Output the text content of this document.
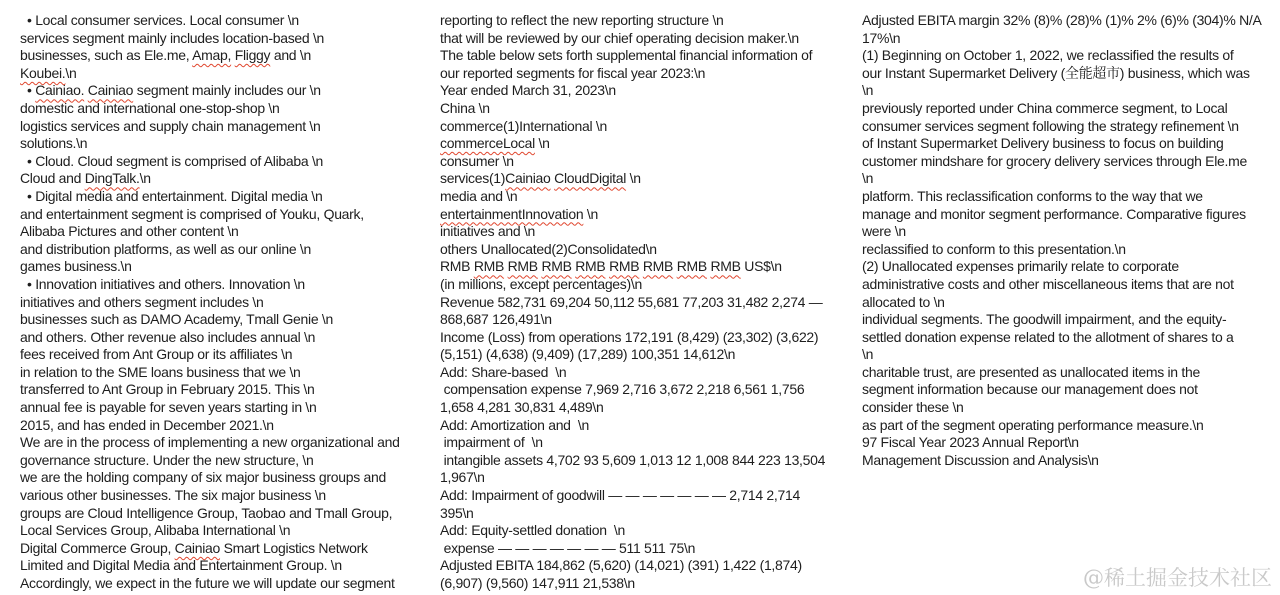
• Local consumer services. Local consumer \n
services segment mainly includes location-based \n
businesses, such as Ele.me, Amap, Fliggy and \n
Koubei.\n
• Cainiao. Cainiao segment mainly includes our \n
domestic and international one-stop-shop \n
logistics services and supply chain management \n
solutions.\n
• Cloud. Cloud segment is comprised of Alibaba \n
Cloud and DingTalk.\n
• Digital media and entertainment. Digital media \n
and entertainment segment is comprised of Youku, Quark,
Alibaba Pictures and other content \n
and distribution platforms, as well as our online \n
games business.\n
• Innovation initiatives and others. Innovation \n
initiatives and others segment includes \n
businesses such as DAMO Academy, Tmall Genie \n
and others. Other revenue also includes annual \n
fees received from Ant Group or its affiliates \n
in relation to the SME loans business that we \n
transferred to Ant Group in February 2015. This \n
annual fee is payable for seven years starting in \n
2015, and has ended in December 2021.\n
We are in the process of implementing a new organizational and
governance structure. Under the new structure, \n
we are the holding company of six major business groups and
various other businesses. The six major business \n
groups are Cloud Intelligence Group, Taobao and Tmall Group,
Local Services Group, Alibaba International \n
Digital Commerce Group, Cainiao Smart Logistics Network
Limited and Digital Media and Entertainment Group. \n
Accordingly, we expect in the future we will update our segment
reporting to reflect the new reporting structure \n
that will be reviewed by our chief operating decision maker.\n
The table below sets forth supplemental financial information of
our reported segments for fiscal year 2023:\n
Year ended March 31, 2023\n
China \n
commerce(1)International \n
commerceLocal \n
consumer \n
services(1)Cainiao CloudDigital \n
media and \n
entertainmentInnovation \n
initiatives and \n
others Unallocated(2)Consolidated\n
RMB RMB RMB RMB RMB RMB RMB RMB RMB US$\n
(in millions, except percentages)\n
Revenue 582,731 69,204 50,112 55,681 77,203 31,482 2,274 —
868,687 126,491\n
Income (Loss) from operations 172,191 (8,429) (23,302) (3,622)
(5,151) (4,638) (9,409) (17,289) 100,351 14,612\n
Add: Share-based  \n
compensation expense 7,969 2,716 3,672 2,218 6,561 1,756
1,658 4,281 30,831 4,489\n
Add: Amortization and  \n
impairment of  \n
intangible assets 4,702 93 5,609 1,013 12 1,008 844 223 13,504
1,967\n
Add: Impairment of goodwill — — — — — — — 2,714 2,714
395\n
Add: Equity-settled donation  \n
expense — — — — — — — 511 511 75\n
Adjusted EBITA 184,862 (5,620) (14,021) (391) 1,422 (1,874)
(6,907) (9,560) 147,911 21,538\n
Adjusted EBITA margin 32% (8)% (28)% (1)% 2% (6)% (304)% N/A
17%\n
(1) Beginning on October 1, 2022, we reclassified the results of
our Instant Supermarket Delivery (全能超市) business, which was
\n
previously reported under China commerce segment, to Local
consumer services segment following the strategy refinement \n
of Instant Supermarket Delivery business to focus on building
customer mindshare for grocery delivery services through Ele.me
\n
platform. This reclassification conforms to the way that we
manage and monitor segment performance. Comparative figures
were \n
reclassified to conform to this presentation.\n
(2) Unallocated expenses primarily relate to corporate
administrative costs and other miscellaneous items that are not
allocated to \n
individual segments. The goodwill impairment, and the equity-
settled donation expense related to the allotment of shares to a
\n
charitable trust, are presented as unallocated items in the
segment information because our management does not
consider these \n
as part of the segment operating performance measure.\n
97 Fiscal Year 2023 Annual Report\n
Management Discussion and Analysis\n
@稀土掘金技术社区
